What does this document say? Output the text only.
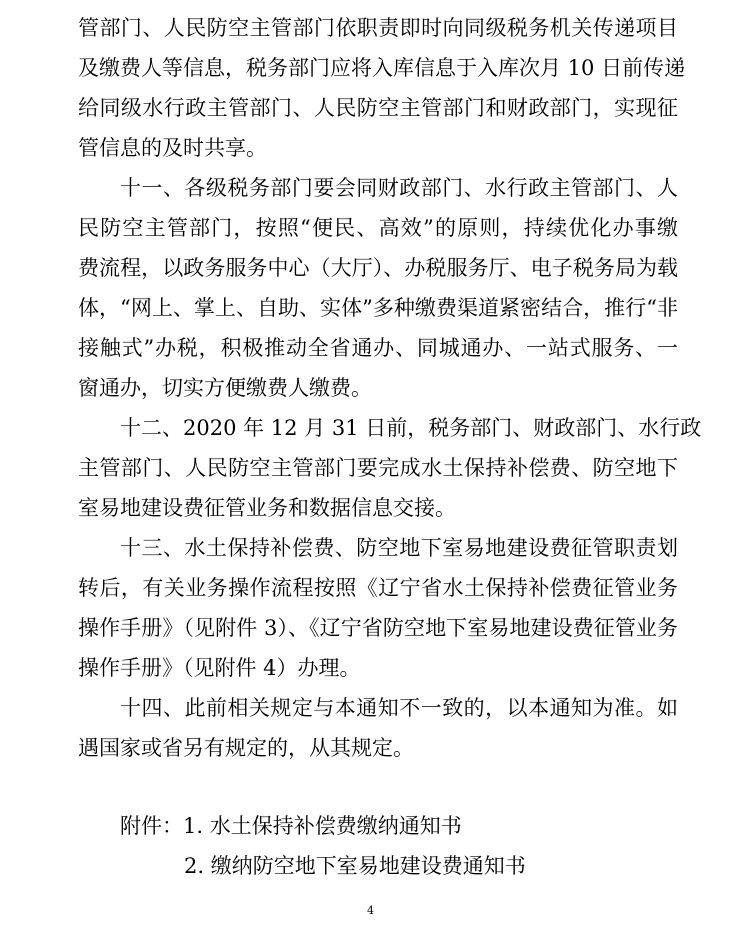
管部门、人民防空主管部门依职责即时向同级税务机关传递项目
及缴费人等信息，税务部门应将入库信息于入库次月 10 日前传递
给同级水行政主管部门、人民防空主管部门和财政部门，实现征
管信息的及时共享。
十一、各级税务部门要会同财政部门、水行政主管部门、人
民防空主管部门，按照“便民、高效”的原则，持续优化办事缴
费流程，以政务服务中心（大厅）、办税服务厅、电子税务局为载
体，“网上、掌上、自助、实体”多种缴费渠道紧密结合，推行“非
接触式”办税，积极推动全省通办、同城通办、一站式服务、一
窗通办，切实方便缴费人缴费。
十二、2020 年 12 月 31 日前，税务部门、财政部门、水行政
主管部门、人民防空主管部门要完成水土保持补偿费、防空地下
室易地建设费征管业务和数据信息交接。
十三、水土保持补偿费、防空地下室易地建设费征管职责划
转后，有关业务操作流程按照《辽宁省水土保持补偿费征管业务
操作手册》（见附件 3）、《辽宁省防空地下室易地建设费征管业务
操作手册》（见附件 4）办理。
十四、此前相关规定与本通知不一致的，以本通知为准。如
遇国家或省另有规定的，从其规定。
附件：1. 水土保持补偿费缴纳通知书
2. 缴纳防空地下室易地建设费通知书
4
